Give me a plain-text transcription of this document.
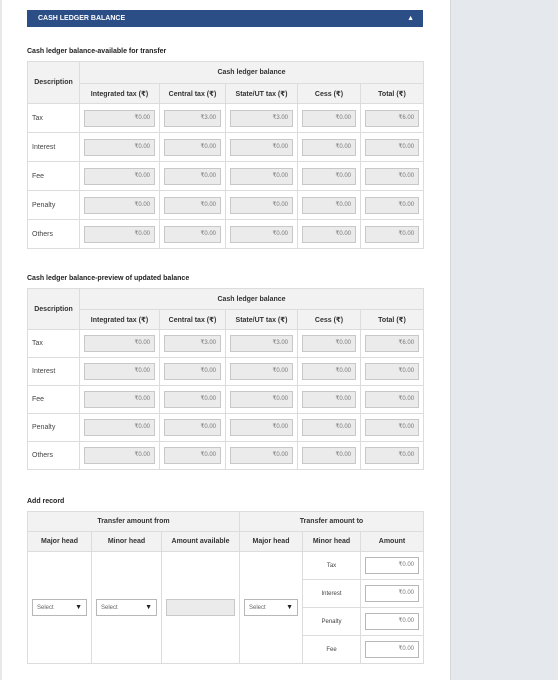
CASH LEDGER BALANCE	▲
Cash ledger balance-available for transfer
Description	Cash ledger balance				
	Integrated tax (₹)	Central tax (₹)	State/UT tax (₹)	Cess (₹)	Total (₹)
Tax	₹0.00	₹3.00	₹3.00	₹0.00	₹6.00

Interest	₹0.00	₹0.00	₹0.00	₹0.00	₹0.00

Fee	₹0.00	₹0.00	₹0.00	₹0.00	₹0.00

Penalty	₹0.00	₹0.00	₹0.00	₹0.00	₹0.00

Others	₹0.00	₹0.00	₹0.00	₹0.00	₹0.00
Cash ledger balance-preview of updated balance
Description	Cash ledger balance				
	Integrated tax (₹)	Central tax (₹)	State/UT tax (₹)	Cess (₹)	Total (₹)
Tax	₹0.00	₹3.00	₹3.00	₹0.00	₹6.00

Interest	₹0.00	₹0.00	₹0.00	₹0.00	₹0.00

Fee	₹0.00	₹0.00	₹0.00	₹0.00	₹0.00

Penalty	₹0.00	₹0.00	₹0.00	₹0.00	₹0.00

Others	₹0.00	₹0.00	₹0.00	₹0.00	₹0.00
Add record
Transfer amount from			Transfer amount to		
Major head	Minor head	Amount available	Major head	Minor head	Amount

Select ▼	Select ▼		Select ▼	Tax	₹0.00

				Interest	₹0.00

				Penalty	₹0.00

				Fee	₹0.00
